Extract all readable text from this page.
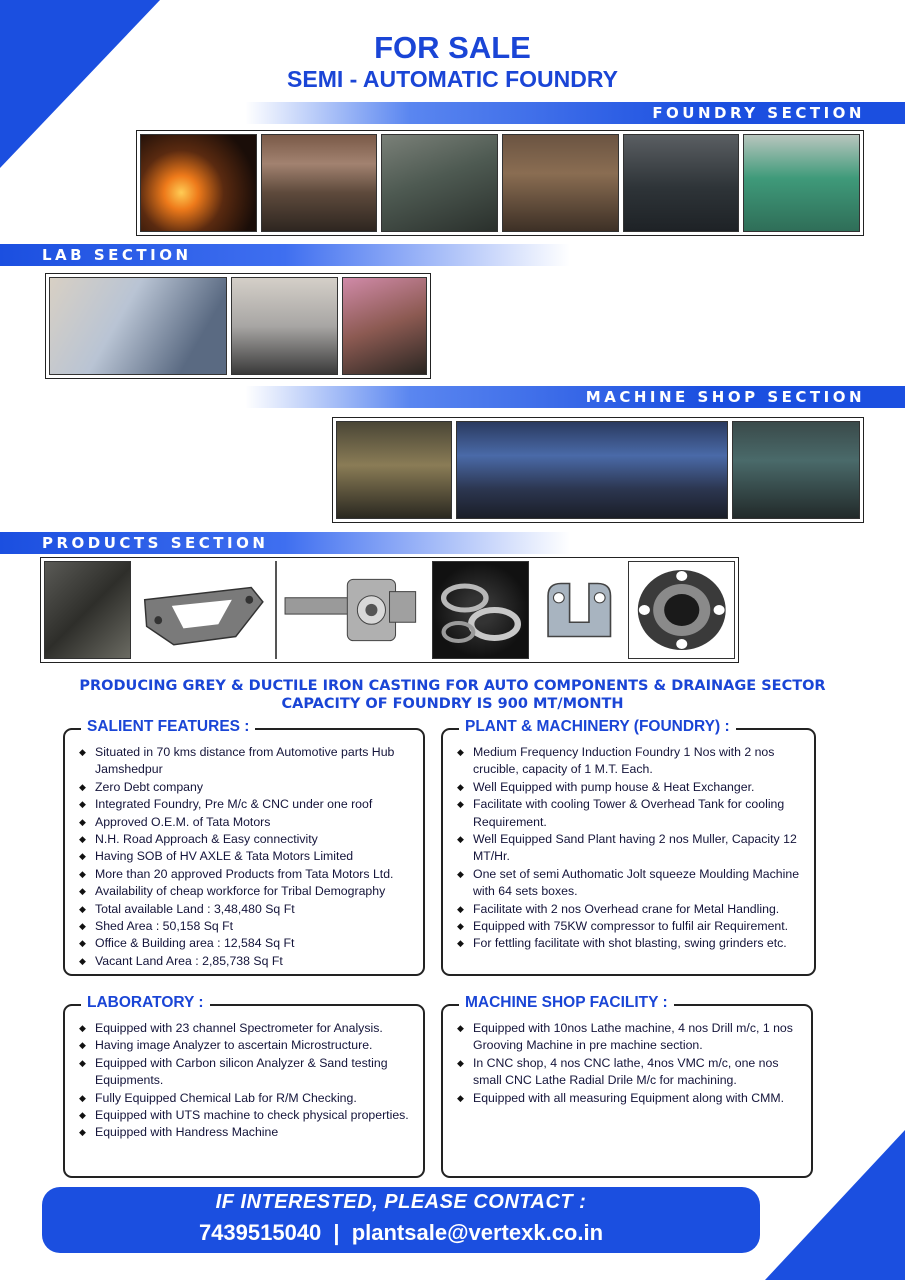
FOR SALE
SEMI - AUTOMATIC FOUNDRY
FOUNDRY SECTION
LAB SECTION
MACHINE SHOP SECTION
PRODUCTS SECTION
PRODUCING GREY & DUCTILE IRON CASTING FOR AUTO COMPONENTS & DRAINAGE SECTOR
CAPACITY OF FOUNDRY IS 900 MT/MONTH
SALIENT FEATURES :
◆ Situated in 70 kms distance from Automotive parts Hub Jamshedpur
◆ Zero Debt company
◆ Integrated Foundry, Pre M/c & CNC under one roof
◆ Approved O.E.M. of Tata Motors
◆ N.H. Road Approach & Easy connectivity
◆ Having SOB of HV AXLE & Tata Motors Limited
◆ More than 20 approved Products from Tata Motors Ltd.
◆ Availability of cheap workforce for Tribal Demography
◆ Total available Land : 3,48,480 Sq Ft
◆ Shed Area : 50,158 Sq Ft
◆ Office & Building area : 12,584 Sq Ft
◆ Vacant Land Area : 2,85,738 Sq Ft
PLANT & MACHINERY (FOUNDRY) :
◆ Medium Frequency Induction Foundry 1 Nos with 2 nos crucible, capacity of 1 M.T. Each.
◆ Well Equipped with pump house & Heat Exchanger.
◆ Facilitate with cooling Tower & Overhead Tank for cooling Requirement.
◆ Well Equipped Sand Plant having 2 nos Muller, Capacity 12 MT/Hr.
◆ One set of semi Authomatic Jolt squeeze Moulding Machine with 64 sets boxes.
◆ Facilitate with 2 nos Overhead crane for Metal Handling.
◆ Equipped with 75KW compressor to fulfil air Requirement.
◆ For fettling facilitate with shot blasting, swing grinders etc.
LABORATORY :
◆ Equipped with 23 channel Spectrometer for Analysis.
◆ Having image Analyzer to ascertain Microstructure.
◆ Equipped with Carbon silicon Analyzer & Sand testing Equipments.
◆ Fully Equipped Chemical Lab for R/M Checking.
◆ Equipped with UTS machine to check physical properties.
◆ Equipped with Handress Machine
MACHINE SHOP FACILITY :
◆ Equipped with 10nos Lathe machine, 4 nos Drill m/c, 1 nos Grooving Machine in pre machine section.
◆ In CNC shop, 4 nos CNC lathe, 4nos VMC m/c, one nos small CNC Lathe Radial Drile M/c for machining.
◆ Equipped with all measuring Equipment along with CMM.
IF INTERESTED, PLEASE CONTACT :
7439515040 | plantsale@vertexk.co.in
